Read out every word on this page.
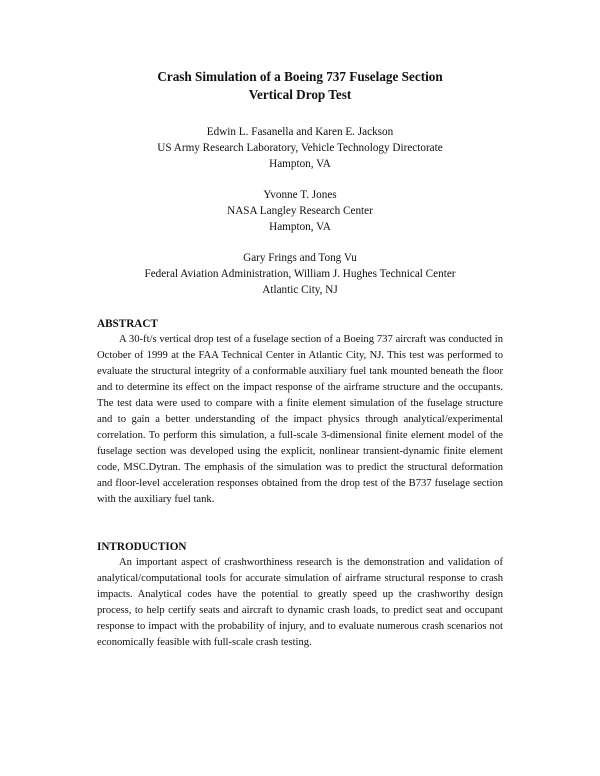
Crash Simulation of a Boeing 737 Fuselage Section
Vertical Drop Test
Edwin L. Fasanella and Karen E. Jackson
US Army Research Laboratory, Vehicle Technology Directorate
Hampton, VA
Yvonne T. Jones
NASA Langley Research Center
Hampton, VA
Gary Frings and Tong Vu
Federal Aviation Administration, William J. Hughes Technical Center
Atlantic City, NJ
ABSTRACT
A 30-ft/s vertical drop test of a fuselage section of a Boeing 737 aircraft was conducted in October of 1999 at the FAA Technical Center in Atlantic City, NJ. This test was performed to evaluate the structural integrity of a conformable auxiliary fuel tank mounted beneath the floor and to determine its effect on the impact response of the airframe structure and the occupants. The test data were used to compare with a finite element simulation of the fuselage structure and to gain a better understanding of the impact physics through analytical/experimental correlation. To perform this simulation, a full-scale 3-dimensional finite element model of the fuselage section was developed using the explicit, nonlinear transient-dynamic finite element code, MSC.Dytran. The emphasis of the simulation was to predict the structural deformation and floor-level acceleration responses obtained from the drop test of the B737 fuselage section with the auxiliary fuel tank.
INTRODUCTION
An important aspect of crashworthiness research is the demonstration and validation of analytical/computational tools for accurate simulation of airframe structural response to crash impacts. Analytical codes have the potential to greatly speed up the crashworthy design process, to help certify seats and aircraft to dynamic crash loads, to predict seat and occupant response to impact with the probability of injury, and to evaluate numerous crash scenarios not economically feasible with full-scale crash testing.
